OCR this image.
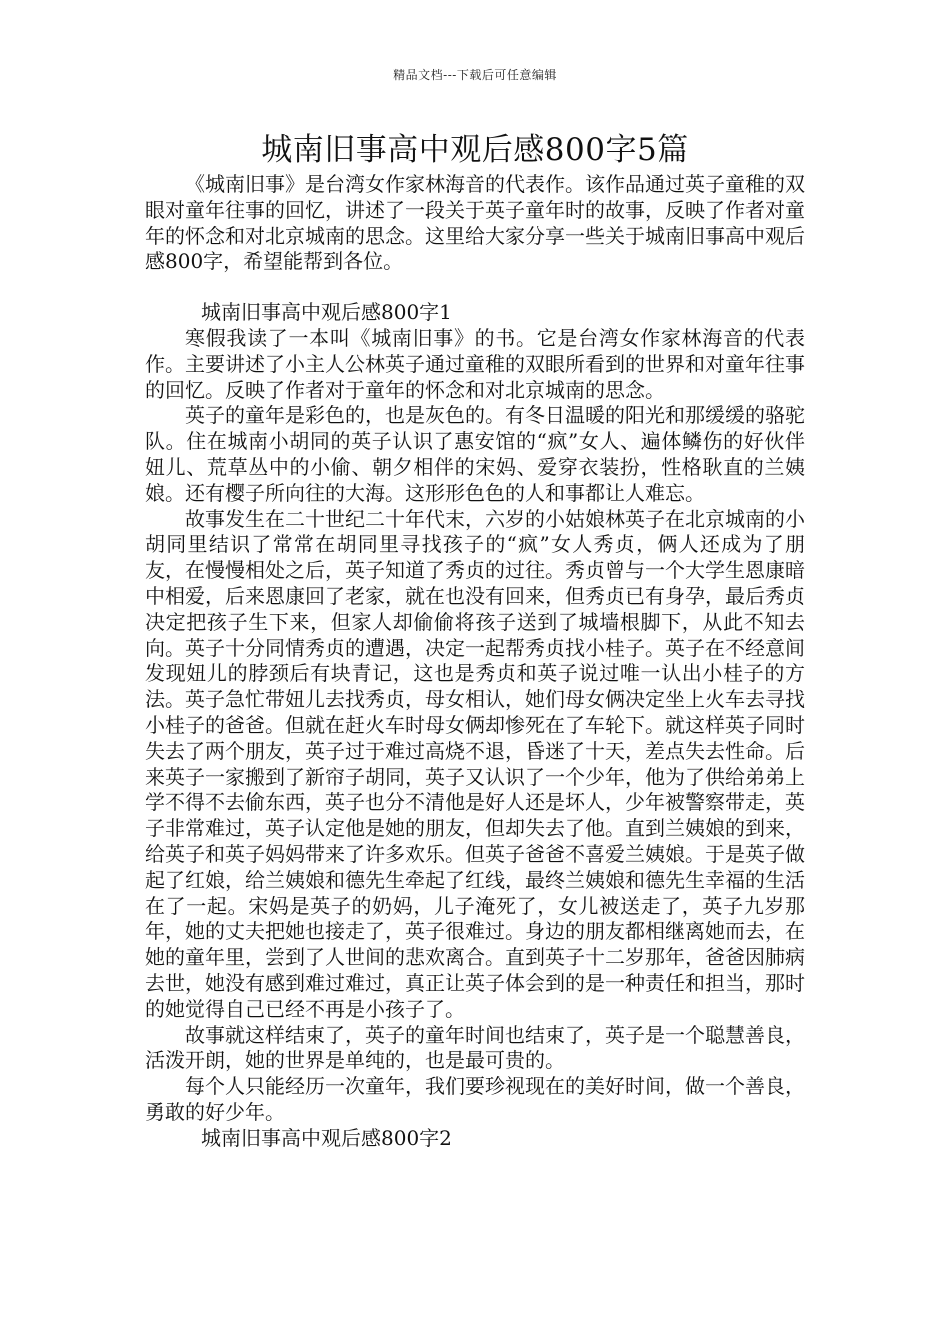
精品文档---下载后可任意编辑
城南旧事高中观后感800字5篇

《城南旧事》是台湾女作家林海音的代表作。该作品通过英子童稚的双眼对童年往事的回忆，讲述了一段关于英子童年时的故事，反映了作者对童年的怀念和对北京城南的思念。这里给大家分享一些关于城南旧事高中观后感800字，希望能帮到各位。

城南旧事高中观后感800字1

寒假我读了一本叫《城南旧事》的书。它是台湾女作家林海音的代表作。主要讲述了小主人公林英子通过童稚的双眼所看到的世界和对童年往事的回忆。反映了作者对于童年的怀念和对北京城南的思念。

英子的童年是彩色的，也是灰色的。有冬日温暖的阳光和那缓缓的骆驼队。住在城南小胡同的英子认识了惠安馆的“疯”女人、遍体鳞伤的好伙伴妞儿、荒草丛中的小偷、朝夕相伴的宋妈、爱穿衣装扮，性格耿直的兰姨娘。还有樱子所向往的大海。这形形色色的人和事都让人难忘。

故事发生在二十世纪二十年代末，六岁的小姑娘林英子在北京城南的小胡同里结识了常常在胡同里寻找孩子的“疯”女人秀贞，俩人还成为了朋友，在慢慢相处之后，英子知道了秀贞的过往。秀贞曾与一个大学生恩康暗中相爱，后来恩康回了老家，就在也没有回来，但秀贞已有身孕，最后秀贞决定把孩子生下来，但家人却偷偷将孩子送到了城墙根脚下，从此不知去向。英子十分同情秀贞的遭遇，决定一起帮秀贞找小桂子。英子在不经意间发现妞儿的脖颈后有块青记，这也是秀贞和英子说过唯一认出小桂子的方法。英子急忙带妞儿去找秀贞，母女相认，她们母女俩决定坐上火车去寻找小桂子的爸爸。但就在赶火车时母女俩却惨死在了车轮下。就这样英子同时失去了两个朋友，英子过于难过高烧不退，昏迷了十天，差点失去性命。后来英子一家搬到了新帘子胡同，英子又认识了一个少年，他为了供给弟弟上学不得不去偷东西，英子也分不清他是好人还是坏人，少年被警察带走，英子非常难过，英子认定他是她的朋友，但却失去了他。直到兰姨娘的到来，给英子和英子妈妈带来了许多欢乐。但英子爸爸不喜爱兰姨娘。于是英子做起了红娘，给兰姨娘和德先生牵起了红线，最终兰姨娘和德先生幸福的生活在了一起。宋妈是英子的奶妈，儿子淹死了，女儿被送走了，英子九岁那年，她的丈夫把她也接走了，英子很难过。身边的朋友都相继离她而去，在她的童年里，尝到了人世间的悲欢离合。直到英子十二岁那年，爸爸因肺病去世，她没有感到难过难过，真正让英子体会到的是一种责任和担当，那时的她觉得自己已经不再是小孩子了。

故事就这样结束了，英子的童年时间也结束了，英子是一个聪慧善良，活泼开朗，她的世界是单纯的，也是最可贵的。

每个人只能经历一次童年，我们要珍视现在的美好时间，做一个善良，勇敢的好少年。

城南旧事高中观后感800字2
